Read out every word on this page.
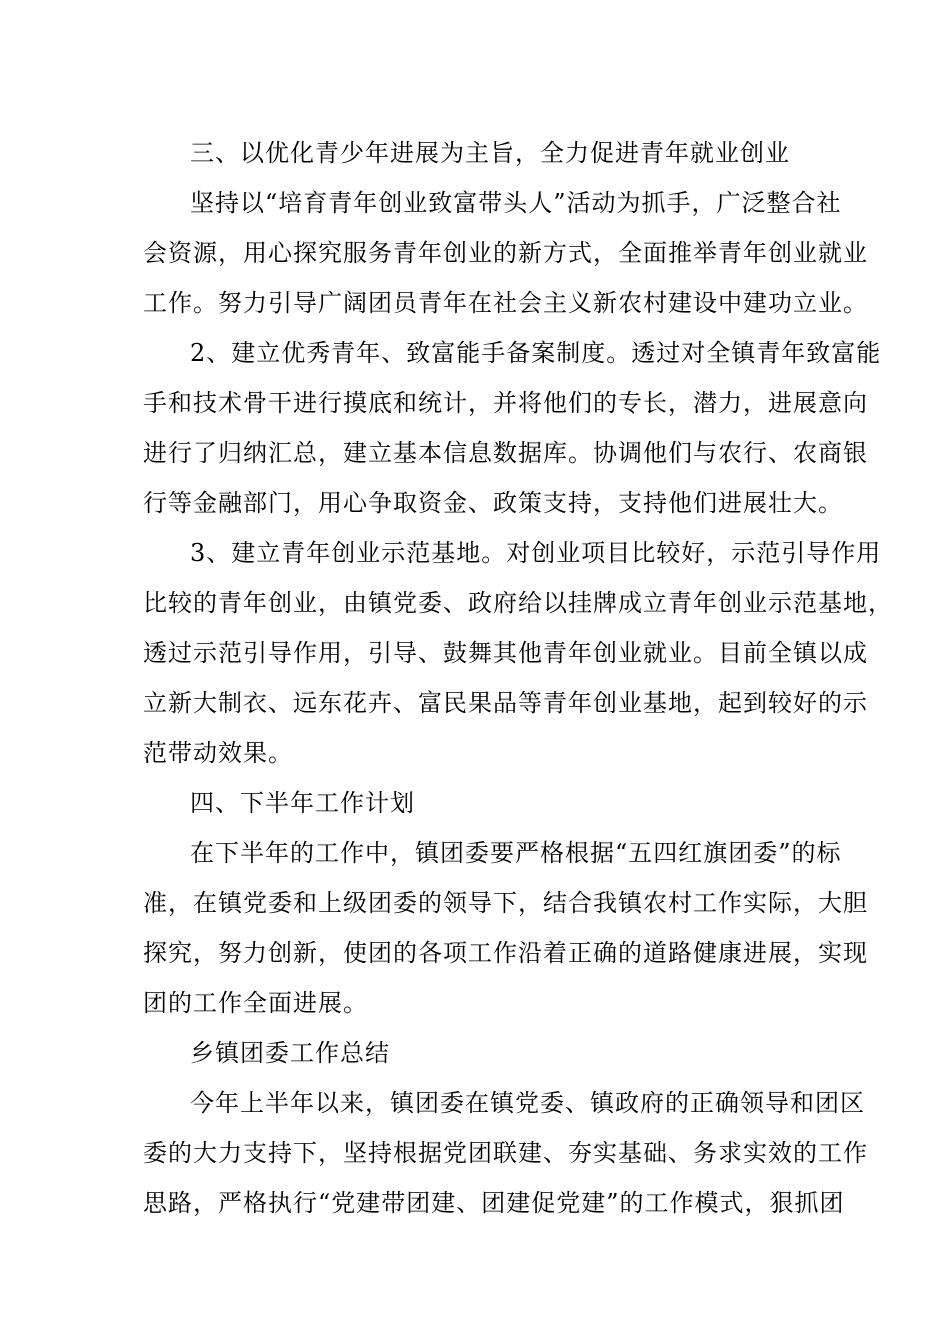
三、以优化青少年进展为主旨，全力促进青年就业创业

坚持以“培育青年创业致富带头人”活动为抓手，广泛整合社

会资源，用心探究服务青年创业的新方式，全面推举青年创业就业

工作。努力引导广阔团员青年在社会主义新农村建设中建功立业。

2、建立优秀青年、致富能手备案制度。透过对全镇青年致富能

手和技术骨干进行摸底和统计，并将他们的专长，潜力，进展意向

进行了归纳汇总，建立基本信息数据库。协调他们与农行、农商银

行等金融部门，用心争取资金、政策支持，支持他们进展壮大。

3、建立青年创业示范基地。对创业项目比较好，示范引导作用

比较的青年创业，由镇党委、政府给以挂牌成立青年创业示范基地，

透过示范引导作用，引导、鼓舞其他青年创业就业。目前全镇以成

立新大制衣、远东花卉、富民果品等青年创业基地，起到较好的示

范带动效果。

四、下半年工作计划

在下半年的工作中，镇团委要严格根据“五四红旗团委”的标

准，在镇党委和上级团委的领导下，结合我镇农村工作实际，大胆

探究，努力创新，使团的各项工作沿着正确的道路健康进展，实现

团的工作全面进展。

乡镇团委工作总结

今年上半年以来，镇团委在镇党委、镇政府的正确领导和团区

委的大力支持下，坚持根据党团联建、夯实基础、务求实效的工作

思路，严格执行“党建带团建、团建促党建”的工作模式，狠抓团
